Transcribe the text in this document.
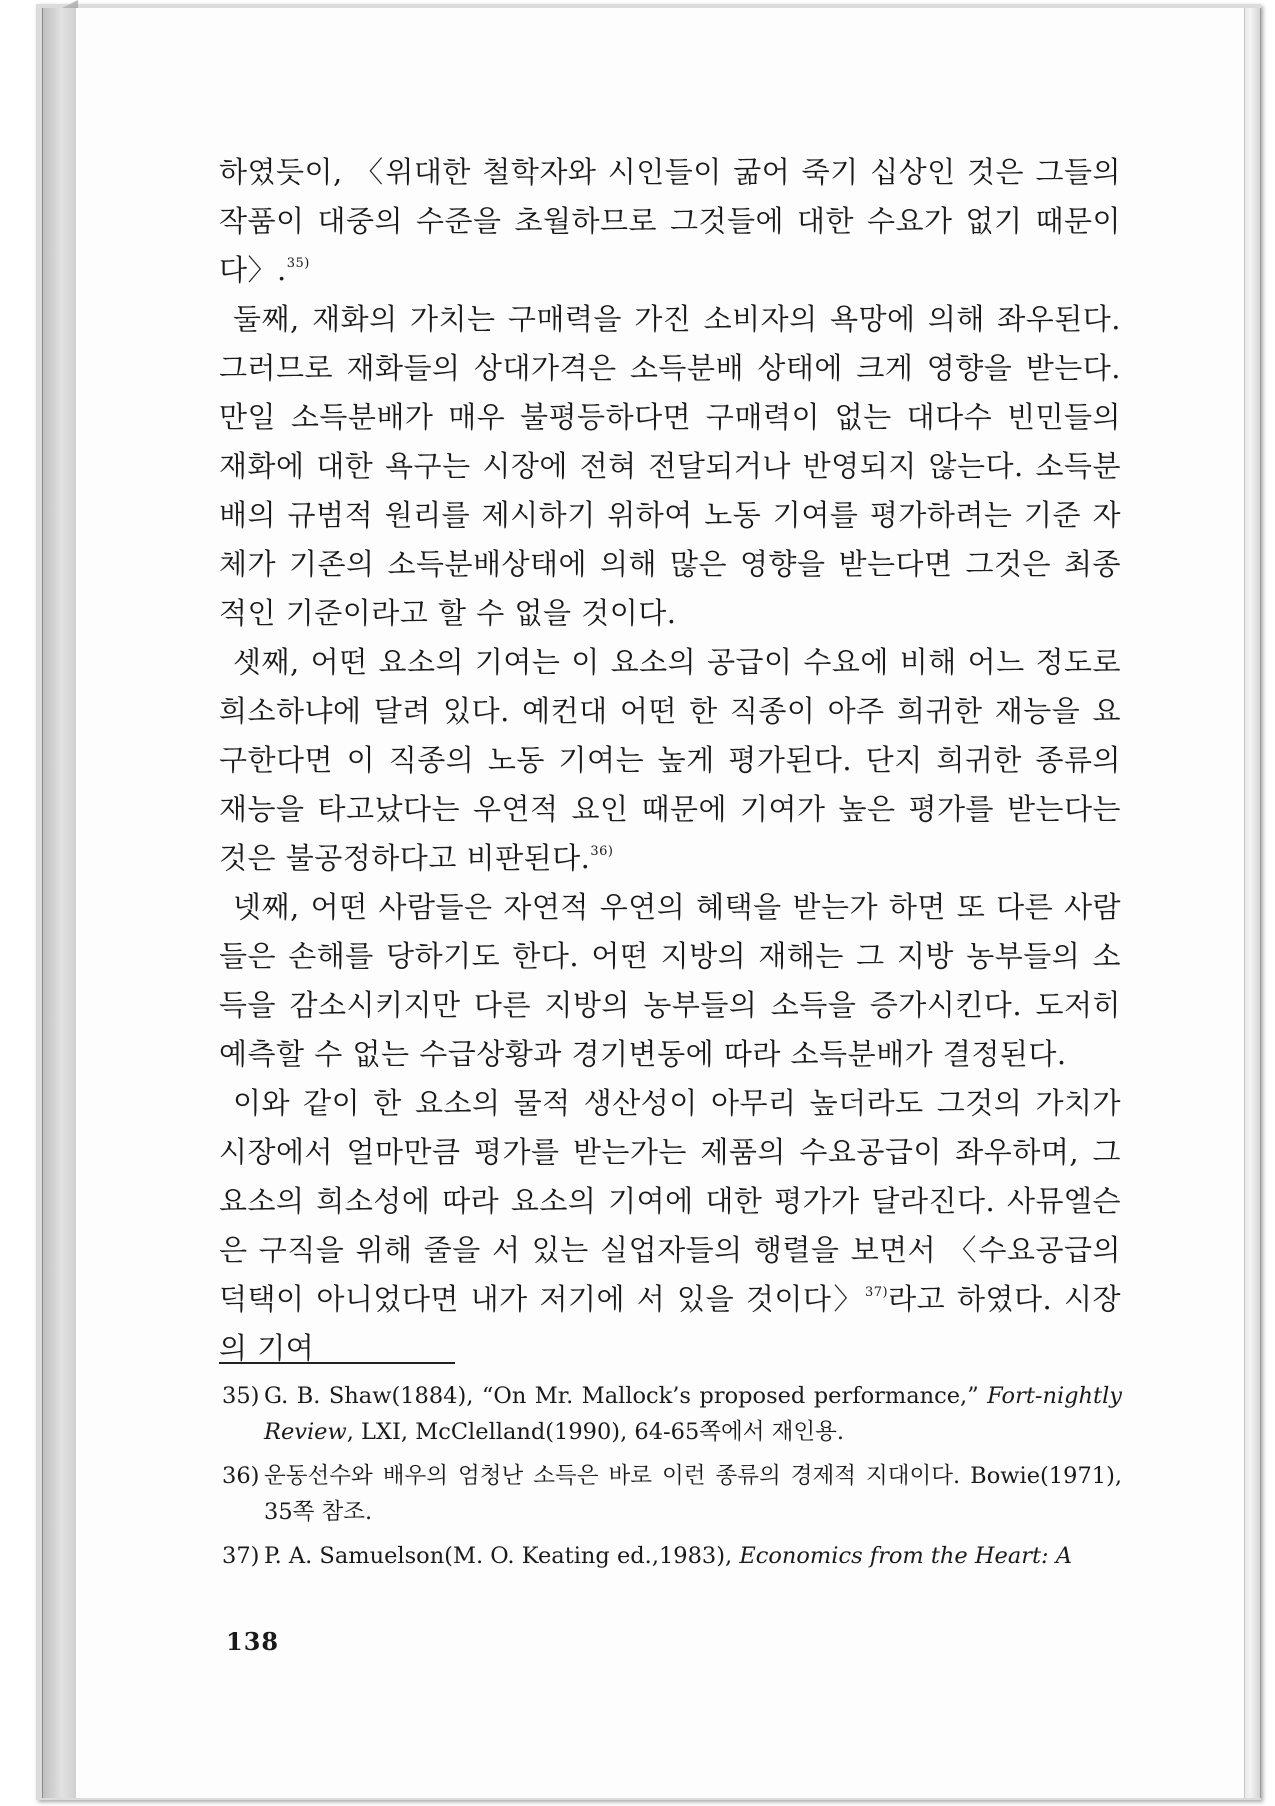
하였듯이, 〈위대한 철학자와 시인들이 굶어 죽기 십상인 것은 그들의 작품이 대중의 수준을 초월하므로 그것들에 대한 수요가 없기 때문이다〉.$^{35)}$

둘째, 재화의 가치는 구매력을 가진 소비자의 욕망에 의해 좌우된다. 그러므로 재화들의 상대가격은 소득분배 상태에 크게 영향을 받는다. 만일 소득분배가 매우 불평등하다면 구매력이 없는 대다수 빈민들의 재화에 대한 욕구는 시장에 전혀 전달되거나 반영되지 않는다. 소득분배의 규범적 원리를 제시하기 위하여 노동 기여를 평가하려는 기준 자체가 기존의 소득분배상태에 의해 많은 영향을 받는다면 그것은 최종적인 기준이라고 할 수 없을 것이다.

셋째, 어떤 요소의 기여는 이 요소의 공급이 수요에 비해 어느 정도로 희소하냐에 달려 있다. 예컨대 어떤 한 직종이 아주 희귀한 재능을 요구한다면 이 직종의 노동 기여는 높게 평가된다. 단지 희귀한 종류의 재능을 타고났다는 우연적 요인 때문에 기여가 높은 평가를 받는다는 것은 불공정하다고 비판된다.$^{36)}$

넷째, 어떤 사람들은 자연적 우연의 혜택을 받는가 하면 또 다른 사람들은 손해를 당하기도 한다. 어떤 지방의 재해는 그 지방 농부들의 소득을 감소시키지만 다른 지방의 농부들의 소득을 증가시킨다. 도저히 예측할 수 없는 수급상황과 경기변동에 따라 소득분배가 결정된다.

이와 같이 한 요소의 물적 생산성이 아무리 높더라도 그것의 가치가 시장에서 얼마만큼 평가를 받는가는 제품의 수요공급이 좌우하며, 그 요소의 희소성에 따라 요소의 기여에 대한 평가가 달라진다. 사뮤엘슨은 구직을 위해 줄을 서 있는 실업자들의 행렬을 보면서 〈수요공급의 덕택이 아니었다면 내가 저기에 서 있을 것이다〉$^{37)}$라고 하였다. 시장의 기여

35) G. B. Shaw(1884), “On Mr. Mallock’s proposed performance,” Fort-nightly Review, LXI, McClelland(1990), 64-65쪽에서 재인용.
36) 운동선수와 배우의 엄청난 소득은 바로 이런 종류의 경제적 지대이다. Bowie(1971), 35쪽 참조.
37) P. A. Samuelson(M. O. Keating ed.,1983), Economics from the Heart: A
138
